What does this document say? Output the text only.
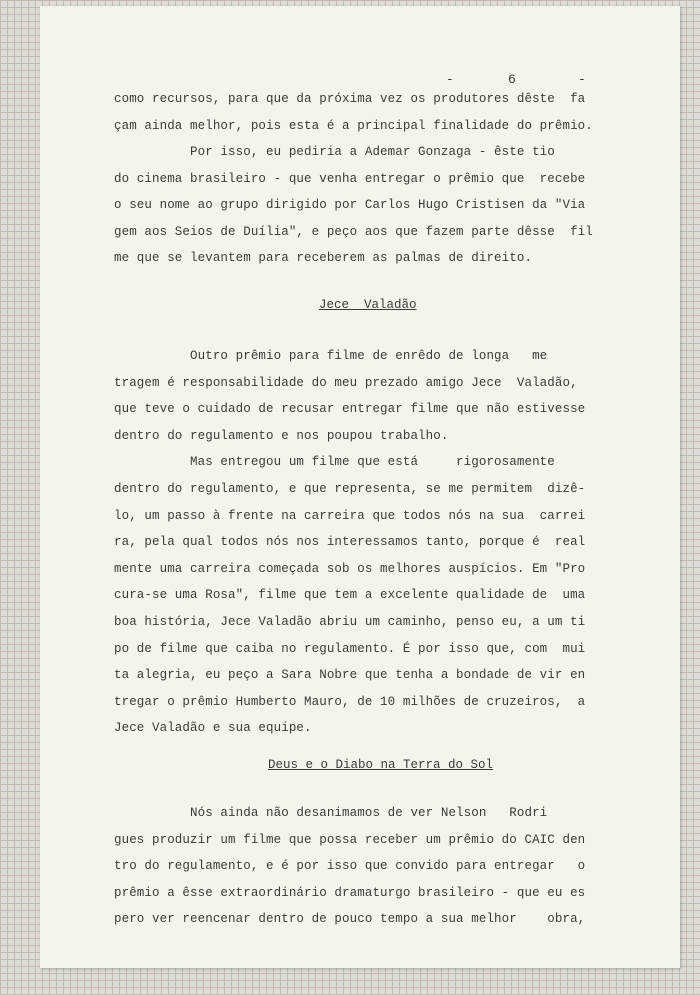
-	6	-
como recursos, para que da próxima vez os produtores dêste  fa
çam ainda melhor, pois esta é a principal finalidade do prêmio.
Por isso, eu pediria a Ademar Gonzaga - êste tio
do cinema brasileiro - que venha entregar o prêmio que  recebe
o seu nome ao grupo dirigido por Carlos Hugo Cristisen da "Via
gem aos Seios de Duília", e peço aos que fazem parte dêsse  fil
me que se levantem para receberem as palmas de direito.
Jece  Valadão
Outro prêmio para filme de enrêdo de longa   me
tragem é responsabilidade do meu prezado amigo Jece  Valadão,
que teve o cuidado de recusar entregar filme que não estivesse
dentro do regulamento e nos poupou trabalho.
Mas entregou um filme que está     rigorosamente
dentro do regulamento, e que representa, se me permitem  dizê-
lo, um passo à frente na carreira que todos nós na sua  carrei
ra, pela qual todos nós nos interessamos tanto, porque é  real
mente uma carreira começada sob os melhores auspícios. Em "Pro
cura-se uma Rosa", filme que tem a excelente qualidade de  uma
boa história, Jece Valadão abriu um caminho, penso eu, a um ti
po de filme que caiba no regulamento. É por isso que, com  mui
ta alegria, eu peço a Sara Nobre que tenha a bondade de vir en
tregar o prêmio Humberto Mauro, de 10 milhões de cruzeiros,  a
Jece Valadão e sua equipe.
Deus e o Diabo na Terra do Sol
Nós ainda não desanimamos de ver Nelson   Rodri
gues produzir um filme que possa receber um prêmio do CAIC den
tro do regulamento, e é por isso que convido para entregar   o
prêmio a êsse extraordinário dramaturgo brasileiro - que eu es
pero ver reencenar dentro de pouco tempo a sua melhor    obra,
